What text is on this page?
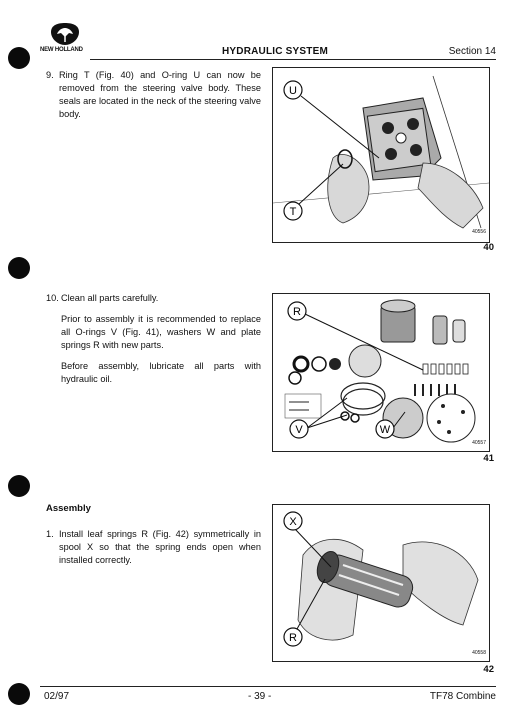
NEW HOLLAND	HYDRAULIC SYSTEM	Section 14
9. Ring T (Fig. 40) and O-ring U can now be removed from the steering valve body. These seals are located in the neck of the steering valve body.

U
T
40556
40
10. Clean all parts carefully.

Prior to assembly it is recommended to replace all O-rings V (Fig. 41), washers W and plate springs R with new parts.

Before assembly, lubricate all parts with hydraulic oil.

R
V	W
40557
41
Assembly
1. Install leaf springs R (Fig. 42) symmetrically in spool X so that the spring ends open when installed correctly.

X
R
40558
42
02/97	- 39 -	TF78 Combine
